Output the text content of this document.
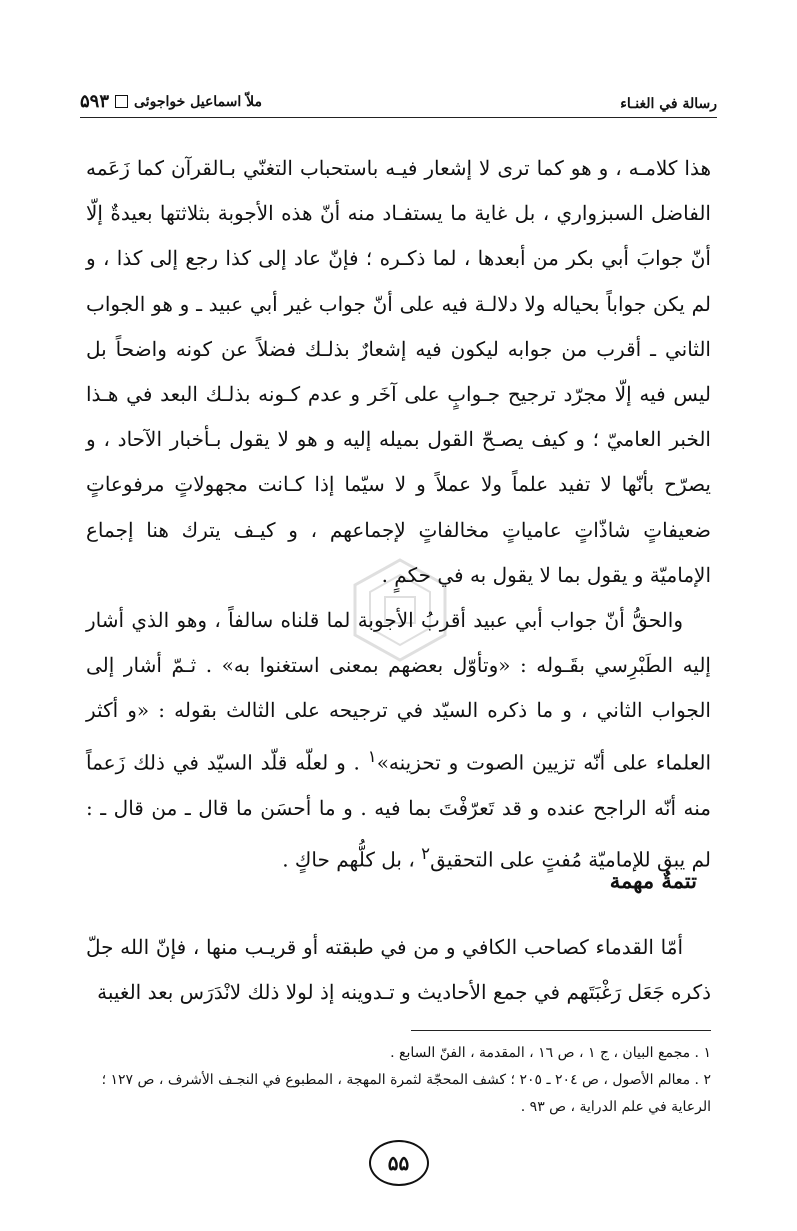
رسالة في الغنـاء
ملاّ اسماعيل خواجوئى
۵۹۳

هذا كلامـه ، و هو كما ترى لا إشعار فيـه باستحباب التغنّي بـالقرآن كما زَعَمه الفاضل السبزواري ، بل غاية ما يستفـاد منه أنّ هذه الأجوبة بثلاثتها بعيدةٌ إلّا أنّ جوابَ أبي بكر من أبعدها ، لما ذكـره ؛ فإنّ عاد إلى كذا رجع إلى كذا ، و لم يكن جواباً بحياله ولا دلالـة فيه على أنّ جواب غير أبي عبيد ـ و هو الجواب الثاني ـ أقرب من جوابه ليكون فيه إشعارٌ بذلـك فضلاً عن كونه واضحاً بل ليس فيه إلّا مجرّد ترجيح جـوابٍ على آخَر و عدم كـونه بذلـك البعد في هـذا الخبر العاميّ ؛ و كيف يصـحّ القول بميله إليه و هو لا يقول بـأخبار الآحاد ، و يصرّح بأنّها لا تفيد علماً ولا عملاً و لا سيّما إذا كـانت مجهولاتٍ مرفوعاتٍ ضعيفاتٍ شاذّاتٍ عامياتٍ مخالفاتٍ لإجماعهم ، و كيـف يترك هنا إجماع الإماميّة و يقول بما لا يقول به في حكمٍ .

والحقُّ أنّ جواب أبي عبيد أقربُ الأجوبة لما قلناه سالفاً ، وهو الذي أشار إليه الطَبْرِسي بقَـوله : «وتأوّل بعضهم بمعنى استغنوا به» . ثـمّ أشار إلى الجواب الثاني ، و ما ذكره السيّد في ترجيحه على الثالث بقوله : «و أكثر العلماء على أنّه تزيين الصوت و تحزينه»$^١$ . و لعلّه قلّد السيّد في ذلك زَعماً منه أنّه الراجح عنده و قد تَعرّفْتَ بما فيه . و ما أحسَن ما قال ـ من قال ـ : لم يبق للإماميّة مُفتٍ على التحقيق$^٢$ ، بل كلُّهم حاكٍ .

تتمةٌ مهمة

أمّا القدماء كصاحب الكافي و من في طبقته أو قريـب منها ، فإنّ الله جلّ ذكره جَعَل رَغْبَتَهم في جمع الأحاديث و تـدوينه إذ لولا ذلك لانْدَرَس بعد الغيبة

١ . مجمع البيان ، ج ١ ، ص ١٦ ، المقدمة ، الفنّ السابع .
٢ . معالم الأصول ، ص ٢٠٤ ـ ٢٠٥ ؛ كشف المحجّة لثمرة المهجة ، المطبوع في النجـف الأشرف ، ص ١٢٧ ؛ الرعاية في علم الدراية ، ص ٩٣ .
۵۵
